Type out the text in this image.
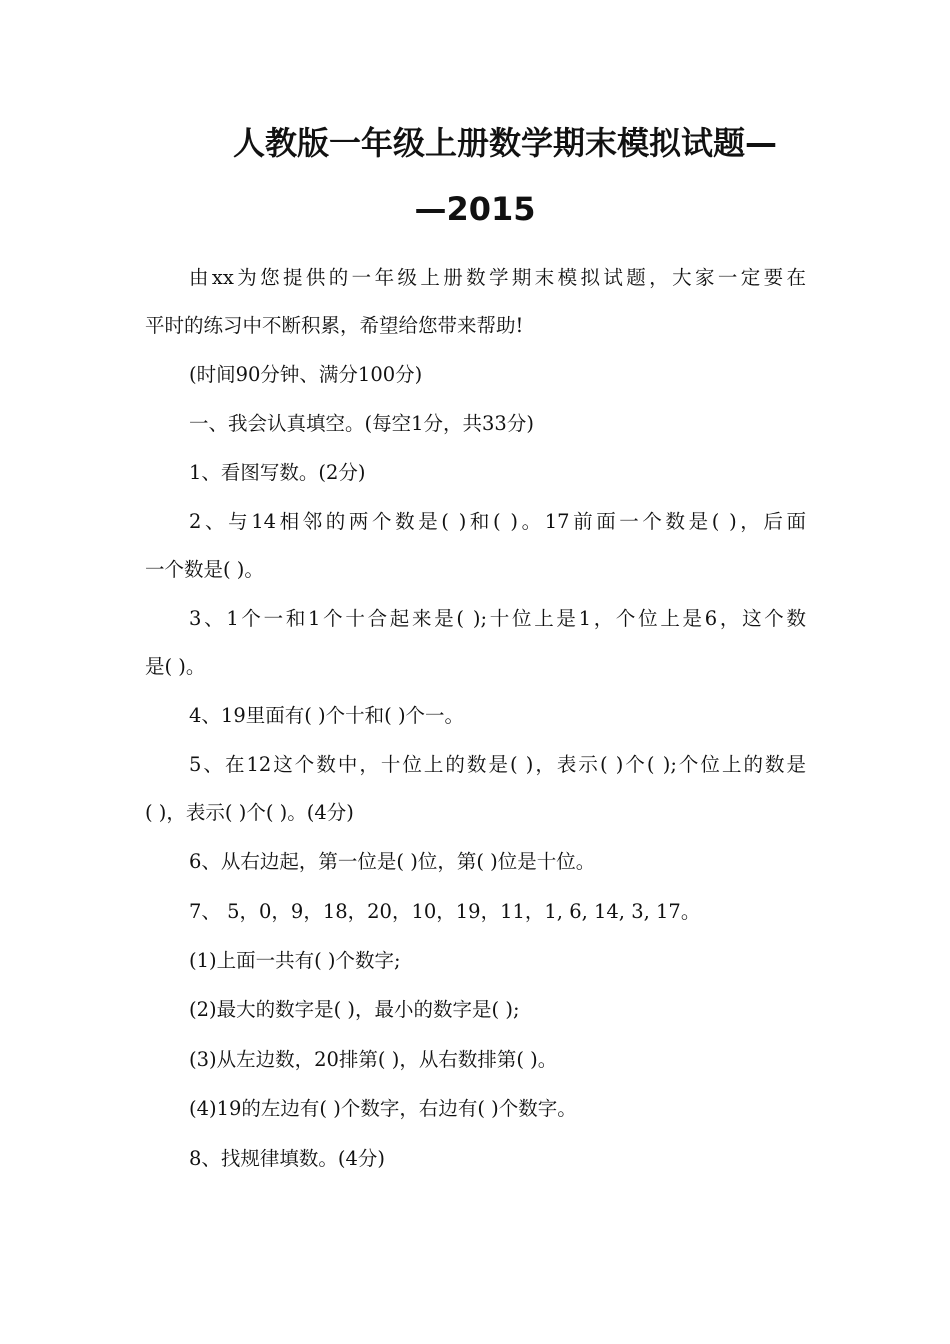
人教版一年级上册数学期末模拟试题—
—2015
由xx为您提供的一年级上册数学期末模拟试题，大家一定要在
平时的练习中不断积累，希望给您带来帮助!
(时间90分钟、满分100分)
一、我会认真填空。(每空1分，共33分)
1、看图写数。(2分)
2、与14相邻的两个数是( )和( )。17前面一个数是( )，后面
一个数是( )。
3、1个一和1个十合起来是( );十位上是1，个位上是6，这个数
是( )。
4、19里面有( )个十和( )个一。
5、在12这个数中，十位上的数是( )，表示( )个( );个位上的数是
( )，表示( )个( )。(4分)
6、从右边起，第一位是( )位，第( )位是十位。
7、 5，0，9，18，20，10，19，11，1, 6, 14, 3, 17。
(1)上面一共有( )个数字;
(2)最大的数字是( )，最小的数字是( );
(3)从左边数，20排第( )，从右数排第( )。
(4)19的左边有( )个数字，右边有( )个数字。
8、找规律填数。(4分)
